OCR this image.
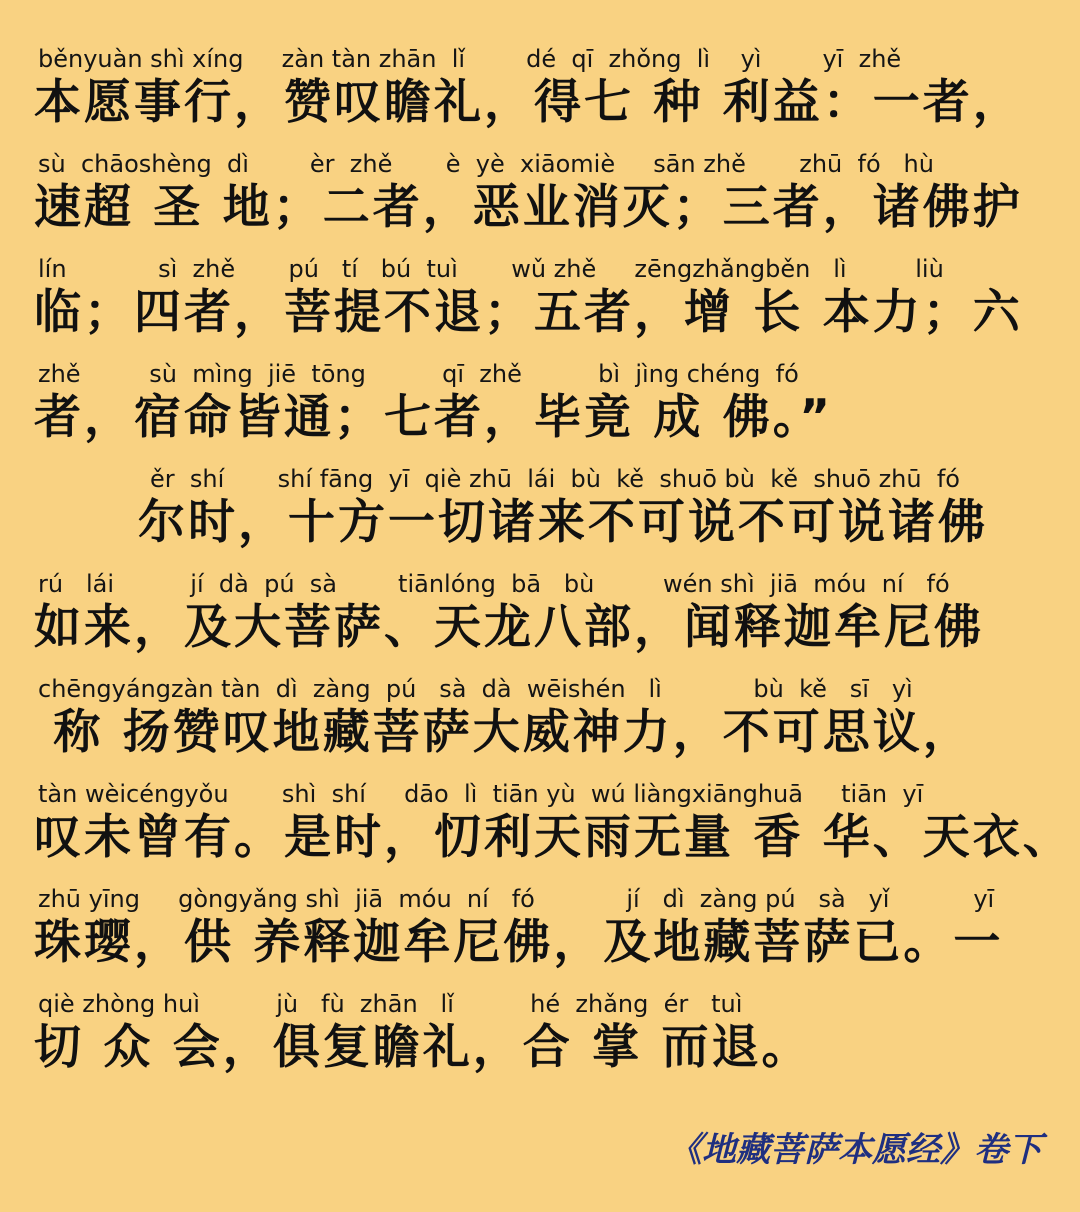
běnyuàn shì xíng     zàn tàn zhān  lǐ        dé  qī  zhǒng  lì    yì        yī  zhě
本愿事行，赞叹瞻礼，得七 种 利益：一者，
sù  chāoshèng  dì        èr  zhě       è  yè  xiāomiè     sān zhě       zhū  fó   hù
速超 圣 地；二者，恶业消灭；三者，诸佛护
lín            sì  zhě       pú   tí   bú  tuì       wǔ zhě     zēngzhǎngběn   lì         liù
临；四者，菩提不退；五者，增 长 本力；六
zhě         sù  mìng  jiē  tōng          qī  zhě          bì  jìng chéng  fó
者，宿命皆通；七者，毕竟 成 佛。”
ěr  shí       shí fāng  yī  qiè zhū  lái  bù  kě  shuō bù  kě  shuō zhū  fó
尔时，十方一切诸来不可说不可说诸佛
rú   lái          jí  dà  pú  sà        tiānlóng  bā   bù         wén shì  jiā  móu  ní   fó
如来，及大菩萨、天龙八部，闻释迦牟尼佛
chēngyángzàn tàn  dì  zàng  pú   sà  dà  wēishén   lì            bù  kě   sī   yì
称 扬赞叹地藏菩萨大威神力，不可思议，
tàn wèicéngyǒu       shì  shí     dāo  lì  tiān yù  wú liàngxiānghuā     tiān  yī
叹未曾有。是时，忉利天雨无量 香 华、天衣、
zhū yīng     gòngyǎng shì  jiā  móu  ní   fó            jí   dì  zàng pú   sà   yǐ           yī
珠璎，供 养释迦牟尼佛，及地藏菩萨已。一
qiè zhòng huì          jù   fù  zhān   lǐ          hé  zhǎng  ér   tuì
切 众 会，俱复瞻礼，合 掌 而退。
《地藏菩萨本愿经》卷下
